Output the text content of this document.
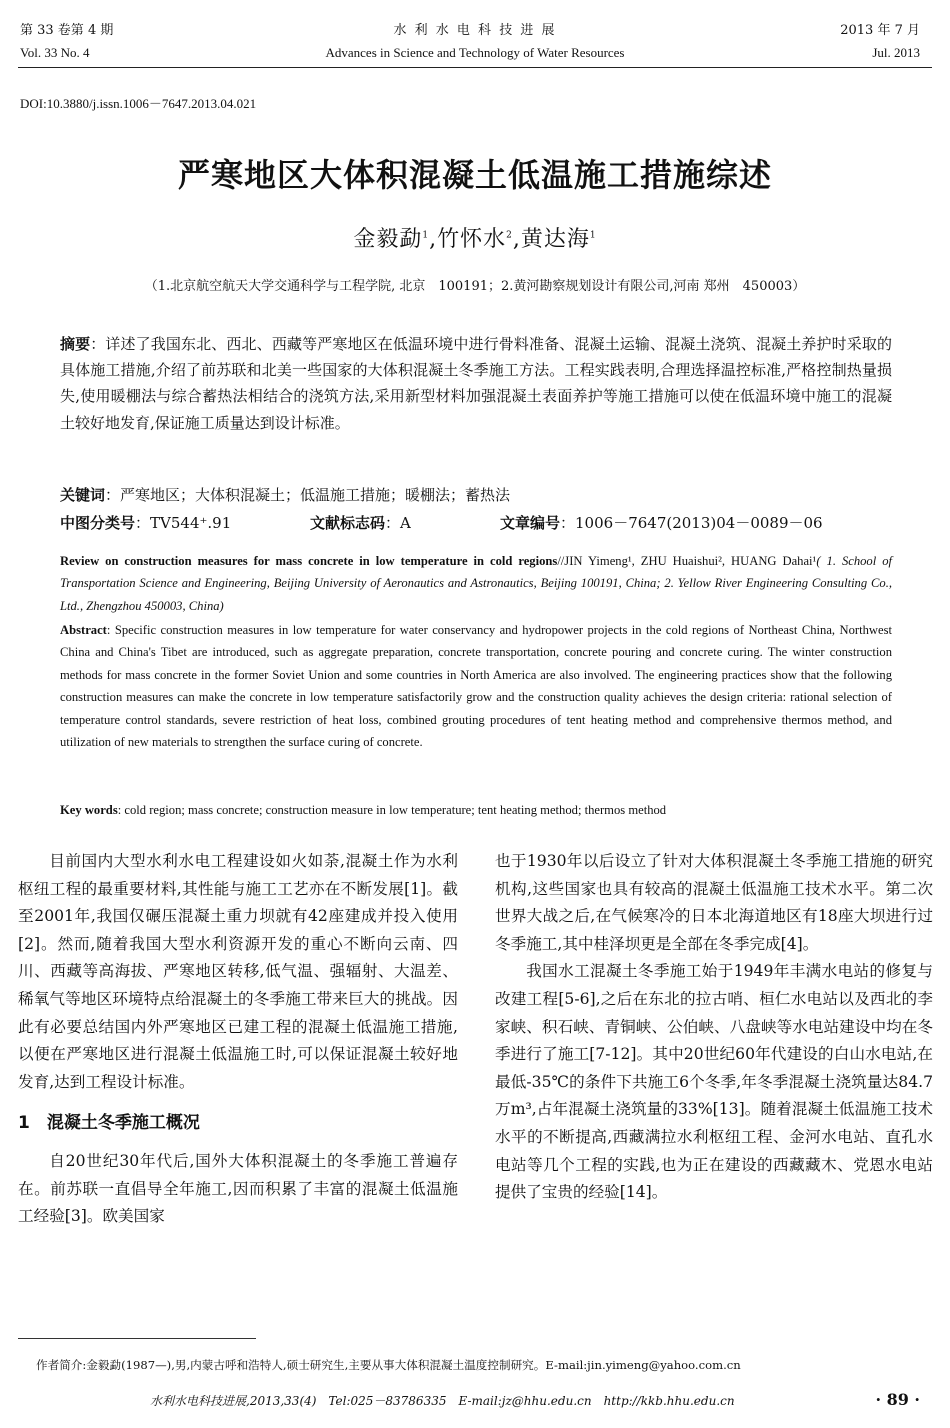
第 33 卷第 4 期
Vol. 33 No. 4
水 利 水 电 科 技 进 展
Advances in Science and Technology of Water Resources
2013 年 7 月
Jul. 2013
DOI:10.3880/j.issn.1006－7647.2013.04.021
严寒地区大体积混凝土低温施工措施综述
金毅勐$^1$,竹怀水$^2$,黄达海$^1$
（1.北京航空航天大学交通科学与工程学院, 北京　100191；2.黄河勘察规划设计有限公司,河南 郑州　450003）
摘要：详述了我国东北、西北、西藏等严寒地区在低温环境中进行骨料准备、混凝土运输、混凝土浇筑、混凝土养护时采取的具体施工措施,介绍了前苏联和北美一些国家的大体积混凝土冬季施工方法。工程实践表明,合理选择温控标准,严格控制热量损失,使用暖棚法与综合蓄热法相结合的浇筑方法,采用新型材料加强混凝土表面养护等施工措施可以使在低温环境中施工的混凝土较好地发育,保证施工质量达到设计标准。
关键词：严寒地区；大体积混凝土；低温施工措施；暖棚法；蓄热法
中图分类号：TV544⁺.91	文献标志码：A	文章编号：1006－7647(2013)04－0089－06
Review on construction measures for mass concrete in low temperature in cold regions//JIN Yimeng¹, ZHU Huaishui², HUANG Dahai¹( 1. School of Transportation Science and Engineering, Beijing University of Aeronautics and Astronautics, Beijing 100191, China; 2. Yellow River Engineering Consulting Co., Ltd., Zhengzhou 450003, China)
Abstract: Specific construction measures in low temperature for water conservancy and hydropower projects in the cold regions of Northeast China, Northwest China and China's Tibet are introduced, such as aggregate preparation, concrete transportation, concrete pouring and concrete curing. The winter construction methods for mass concrete in the former Soviet Union and some countries in North America are also involved. The engineering practices show that the following construction measures can make the concrete in low temperature satisfactorily grow and the construction quality achieves the design criteria: rational selection of temperature control standards, severe restriction of heat loss, combined grouting procedures of tent heating method and comprehensive thermos method, and utilization of new materials to strengthen the surface curing of concrete.
Key words: cold region; mass concrete; construction measure in low temperature; tent heating method; thermos method

目前国内大型水利水电工程建设如火如荼,混凝土作为水利枢纽工程的最重要材料,其性能与施工工艺亦在不断发展[1]。截至2001年,我国仅碾压混凝土重力坝就有42座建成并投入使用[2]。然而,随着我国大型水利资源开发的重心不断向云南、四川、西藏等高海拔、严寒地区转移,低气温、强辐射、大温差、稀氧气等地区环境特点给混凝土的冬季施工带来巨大的挑战。因此有必要总结国内外严寒地区已建工程的混凝土低温施工措施,以便在严寒地区进行混凝土低温施工时,可以保证混凝土较好地发育,达到工程设计标准。

1　混凝土冬季施工概况

自20世纪30年代后,国外大体积混凝土的冬季施工普遍存在。前苏联一直倡导全年施工,因而积累了丰富的混凝土低温施工经验[3]。欧美国家

也于1930年以后设立了针对大体积混凝土冬季施工措施的研究机构,这些国家也具有较高的混凝土低温施工技术水平。第二次世界大战之后,在气候寒冷的日本北海道地区有18座大坝进行过冬季施工,其中桂泽坝更是全部在冬季完成[4]。

我国水工混凝土冬季施工始于1949年丰满水电站的修复与改建工程[5-6],之后在东北的拉古哨、桓仁水电站以及西北的李家峡、积石峡、青铜峡、公伯峡、八盘峡等水电站建设中均在冬季进行了施工[7-12]。其中20世纪60年代建设的白山水电站,在最低-35℃的条件下共施工6个冬季,年冬季混凝土浇筑量达84.7万m³,占年混凝土浇筑量的33%[13]。随着混凝土低温施工技术水平的不断提高,西藏满拉水利枢纽工程、金河水电站、直孔水电站等几个工程的实践,也为正在建设的西藏藏木、党恩水电站提供了宝贵的经验[14]。

作者简介:金毅勐(1987—),男,内蒙古呼和浩特人,硕士研究生,主要从事大体积混凝土温度控制研究。E-mail:jin.yimeng@yahoo.com.cn
水利水电科技进展,2013,33(4)　Tel:025－83786335　E-mail:jz@hhu.edu.cn　http://kkb.hhu.edu.cn	· 89 ·
